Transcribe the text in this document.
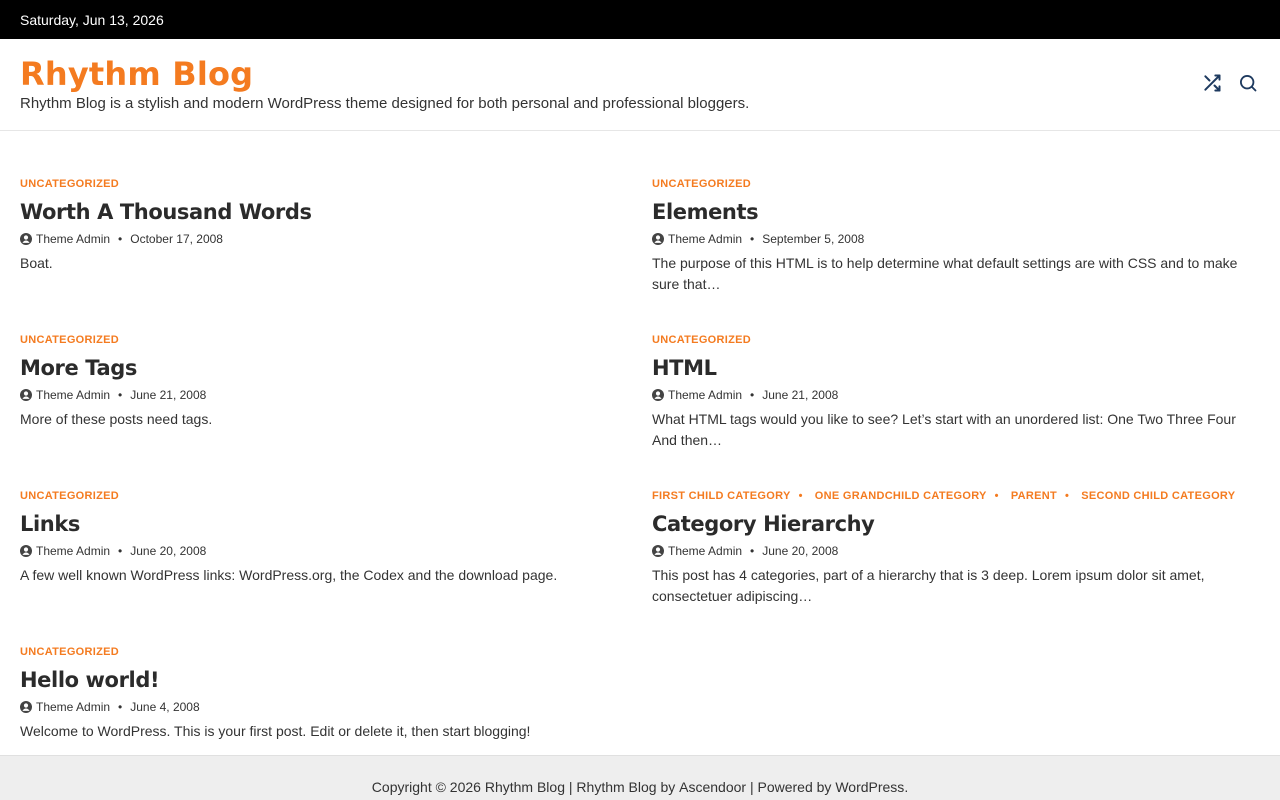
Saturday, Jun 13, 2026
Rhythm Blog
Rhythm Blog is a stylish and modern WordPress theme designed for both personal and professional bloggers.
UNCATEGORIZED
Worth A Thousand Words
Theme Admin • October 17, 2008
Boat.
UNCATEGORIZED
Elements
Theme Admin • September 5, 2008
The purpose of this HTML is to help determine what default settings are with CSS and to make sure that…
UNCATEGORIZED
More Tags
Theme Admin • June 21, 2008
More of these posts need tags.
UNCATEGORIZED
HTML
Theme Admin • June 21, 2008
What HTML tags would you like to see? Let’s start with an unordered list: One Two Three Four And then…
UNCATEGORIZED
Links
Theme Admin • June 20, 2008
A few well known WordPress links: WordPress.org, the Codex and the download page.
FIRST CHILD CATEGORY • ONE GRANDCHILD CATEGORY • PARENT • SECOND CHILD CATEGORY
Category Hierarchy
Theme Admin • June 20, 2008
This post has 4 categories, part of a hierarchy that is 3 deep. Lorem ipsum dolor sit amet, consectetuer adipiscing…
UNCATEGORIZED
Hello world!
Theme Admin • June 4, 2008
Welcome to WordPress. This is your first post. Edit or delete it, then start blogging!
Copyright © 2026
Rhythm Blog
|
Rhythm Blog by
Ascendoor
|
Powered by
WordPress .
